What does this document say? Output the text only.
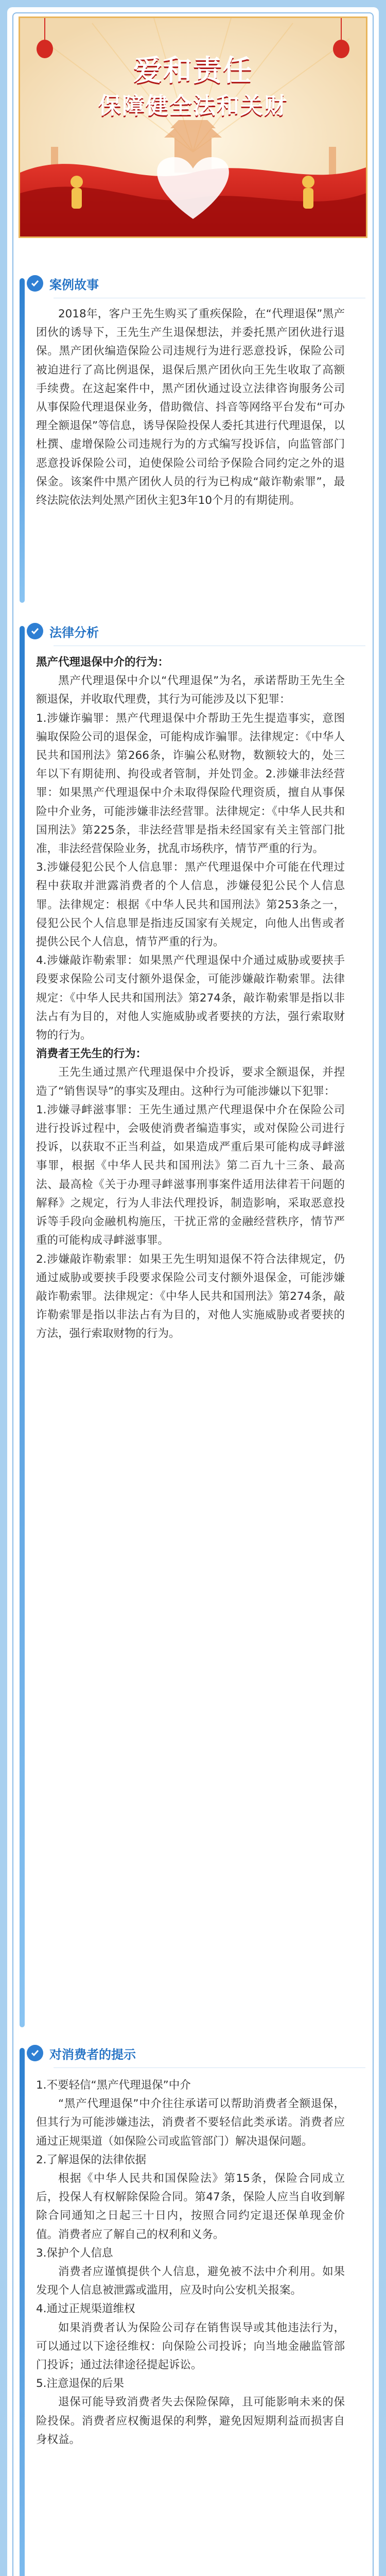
爱和责任
保障健全法和关财
案例故事

2018年，客户王先生购买了重疾保险，在“代理退保”黑产团伙的诱导下，王先生产生退保想法，并委托黑产团伙进行退保。黑产团伙编造保险公司违规行为进行恶意投诉，保险公司被迫进行了高比例退保，退保后黑产团伙向王先生收取了高额手续费。在这起案件中，黑产团伙通过设立法律咨询服务公司从事保险代理退保业务，借助微信、抖音等网络平台发布“可办理全额退保”等信息，诱导保险投保人委托其进行代理退保，以杜撰、虚增保险公司违规行为的方式编写投诉信，向监管部门恶意投诉保险公司，迫使保险公司给予保险合同约定之外的退保金。该案件中黑产团伙人员的行为已构成“敲诈勒索罪”，最终法院依法判处黑产团伙主犯3年10个月的有期徒刑。

法律分析

黑产代理退保中介的行为：

黑产代理退保中介以“代理退保”为名，承诺帮助王先生全额退保，并收取代理费，其行为可能涉及以下犯罪：

1.涉嫌诈骗罪：黑产代理退保中介帮助王先生提造事实，意图骗取保险公司的退保金，可能构成诈骗罪。法律规定：《中华人民共和国刑法》第266条，诈骗公私财物，数额较大的，处三年以下有期徒刑、拘役或者管制，并处罚金。2.涉嫌非法经营罪：如果黑产代理退保中介未取得保险代理资质，擅自从事保险中介业务，可能涉嫌非法经营罪。法律规定：《中华人民共和国刑法》第225条，非法经营罪是指未经国家有关主管部门批准，非法经营保险业务，扰乱市场秩序，情节严重的行为。

3.涉嫌侵犯公民个人信息罪：黑产代理退保中介可能在代理过程中获取并泄露消费者的个人信息，涉嫌侵犯公民个人信息罪。法律规定：根据《中华人民共和国刑法》第253条之一，侵犯公民个人信息罪是指违反国家有关规定，向他人出售或者提供公民个人信息，情节严重的行为。

4.涉嫌敲诈勒索罪：如果黑产代理退保中介通过威胁或要挟手段要求保险公司支付额外退保金，可能涉嫌敲诈勒索罪。法律规定：《中华人民共和国刑法》第274条，敲诈勒索罪是指以非法占有为目的，对他人实施威胁或者要挟的方法，强行索取财物的行为。

消费者王先生的行为：

王先生通过黑产代理退保中介投诉，要求全额退保，并捏造了“销售误导”的事实及理由。这种行为可能涉嫌以下犯罪：

1.涉嫌寻衅滋事罪：王先生通过黑产代理退保中介在保险公司进行投诉过程中，会吸使消费者编造事实，或对保险公司进行投诉，以获取不正当利益，如果造成严重后果可能构成寻衅滋事罪，根据《中华人民共和国刑法》第二百九十三条、最高法、最高检《关于办理寻衅滋事刑事案件适用法律若干问题的解释》之规定，行为人非法代理投诉，制造影响，采取恶意投诉等手段向金融机构施压，干扰正常的金融经营秩序，情节严重的可能构成寻衅滋事罪。

2.涉嫌敲诈勒索罪：如果王先生明知退保不符合法律规定，仍通过威胁或要挟手段要求保险公司支付额外退保金，可能涉嫌敲诈勒索罪。法律规定：《中华人民共和国刑法》第274条，敲诈勒索罪是指以非法占有为目的，对他人实施威胁或者要挟的方法，强行索取财物的行为。

对消费者的提示

1.不要轻信“黑产代理退保”中介

“黑产代理退保”中介往往承诺可以帮助消费者全额退保，但其行为可能涉嫌违法，消费者不要轻信此类承诺。消费者应通过正规渠道（如保险公司或监管部门）解决退保问题。

2.了解退保的法律依据

根据《中华人民共和国保险法》第15条，保险合同成立后，投保人有权解除保险合同。第47条，保险人应当自收到解除合同通知之日起三十日内，按照合同约定退还保单现金价值。消费者应了解自己的权利和义务。

3.保护个人信息

消费者应谨慎提供个人信息，避免被不法中介利用。如果发现个人信息被泄露或滥用，应及时向公安机关报案。

4.通过正规渠道维权

如果消费者认为保险公司存在销售误导或其他违法行为，可以通过以下途径维权：向保险公司投诉；向当地金融监管部门投诉；通过法律途径提起诉讼。

5.注意退保的后果

退保可能导致消费者失去保险保障，且可能影响未来的保险投保。消费者应权衡退保的利弊，避免因短期利益而损害自身权益。
